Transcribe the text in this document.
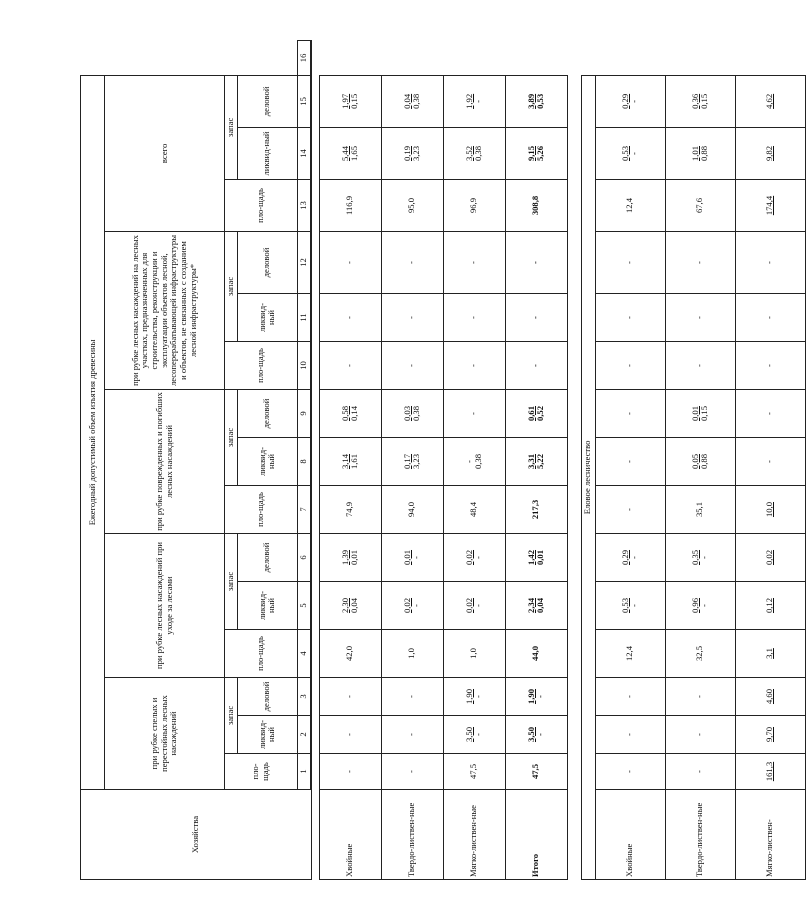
Хозяйства	Ежегодный допустимый объем изъятия древесины															
	при рубке спелых и перестойных лесных насаждений			при рубке лесных насаждений при уходе за лесами			при рубке поврежденных и погибших лесных насаждений			при рубке лесных насаждений на лесных участках, предназначенных для строительства, реконструкции и эксплуатации объектов лесной, лесоперерабатывающей инфраструктуры и объектов, не связанных с созданием лесной инфраструктуры*			всего			
	пло-щадь	запас		пло-щадь	запас		пло-щадь	запас		пло-щадь	запас		пло-щадь	запас		
		ликвид-ный	деловой		ликвид-ный	деловой		ликвид-ный	деловой		ликвид-ный	деловой		ликвид-ный	деловой	
	1	2	3	4	5	6	7	8	9	10	11	12	13	14	15	16

Хвойные	-	-	-	42,0	2,30 0,04	1,39 0,01	74,9	3,14 1,61	0,58 0,14	-	-	-	116,9	5,44 1,65	1,97 0,15	

Твердо-листвен-ные	-	-	-	1,0	0,02 -	0,01 -	94,0	0,17 3,23	0,03 0,38	-	-	-	95,0	0,19 3,23	0,04 0,38	

Мягко-листвен-ные	47,5	3,50 -	1,90 -	1,0	0,02 -	0,02 -	48,4	- 0,38	-	-	-	-	96,9	3,52 0,38	1,92 -	

Итого	47,5	3,50 -	1,90 -	44,0	2,34 0,04	1,42 0,01	217,3	3,31 5,22	0,61 0,52	-	-	-	308,8	9,15 5,26	3,89 0,53	

Еловое лесничество																
Хвойные	-	-	-	12,4	0,53 -	0,29 -	-	-	-	-	-	-	12,4	0,53 -	0,29 -	

Твердо-листвен-ные	-	-	-	32,5	0,96 -	0,35 -	35,1	0,05 0,88	0,01 0,15	-	-	-	67,6	1,01 0,88	0,36 0,15	

Мягко-листвен-	161,3	9,70	4,60	3,1	0,12	0,02	10,0	-	-	-	-	-	174,4	9,82	4,62	
